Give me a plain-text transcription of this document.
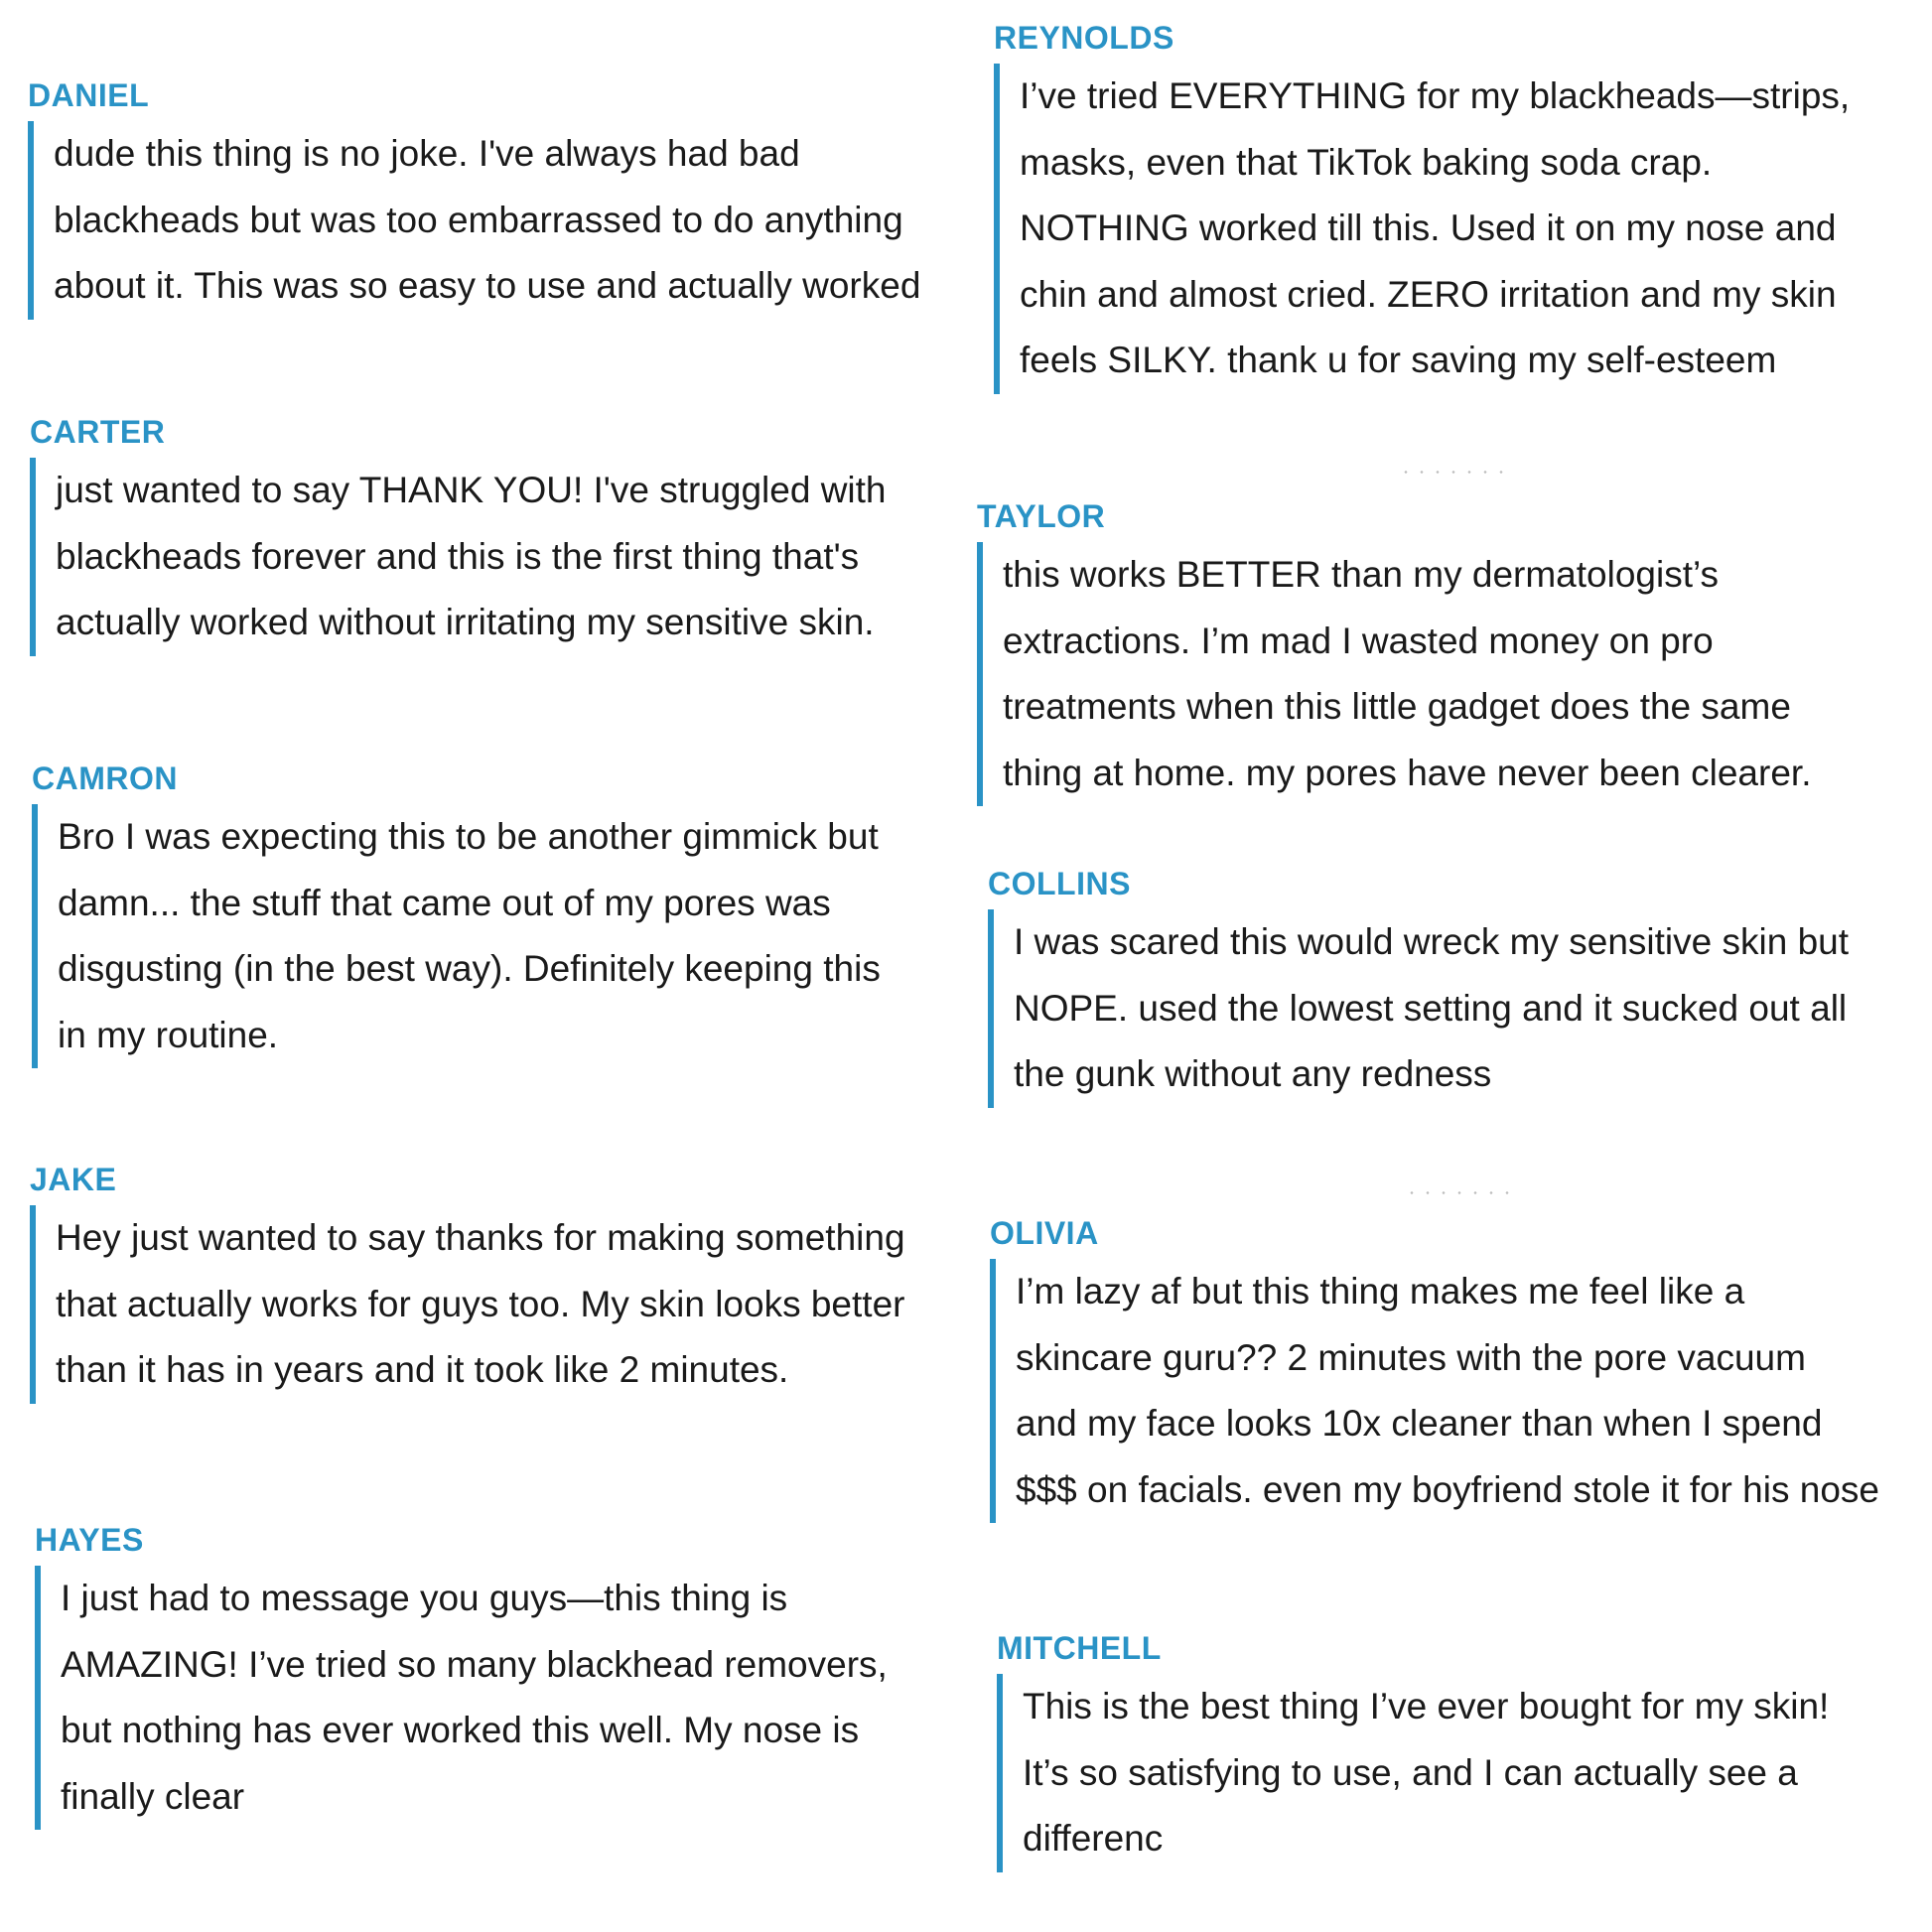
DANIEL
dude this thing is no joke. I've always had bad
blackheads but was too embarrassed to do anything
about it. This was so easy to use and actually worked
REYNOLDS
I’ve tried EVERYTHING for my blackheads—strips,
masks, even that TikTok baking soda crap.
NOTHING worked till this. Used it on my nose and
chin and almost cried. ZERO irritation and my skin
feels SILKY. thank u for saving my self-esteem
CARTER
just wanted to say THANK YOU! I've struggled with
blackheads forever and this is the first thing that's
actually worked without irritating my sensitive skin.
TAYLOR
this works BETTER than my dermatologist’s
extractions. I’m mad I wasted money on pro
treatments when this little gadget does the same
thing at home. my pores have never been clearer.
CAMRON
Bro I was expecting this to be another gimmick but
damn... the stuff that came out of my pores was
disgusting (in the best way). Definitely keeping this
in my routine.
COLLINS
I was scared this would wreck my sensitive skin but
NOPE. used the lowest setting and it sucked out all
the gunk without any redness
JAKE
Hey just wanted to say thanks for making something
that actually works for guys too. My skin looks better
than it has in years and it took like 2 minutes.
OLIVIA
I’m lazy af but this thing makes me feel like a
skincare guru?? 2 minutes with the pore vacuum
and my face looks 10x cleaner than when I spend
$$$ on facials. even my boyfriend stole it for his nose
HAYES
I just had to message you guys—this thing is
AMAZING! I’ve tried so many blackhead removers,
but nothing has ever worked this well. My nose is
finally clear
MITCHELL
This is the best thing I’ve ever bought for my skin!
It’s so satisfying to use, and I can actually see a
differenc
